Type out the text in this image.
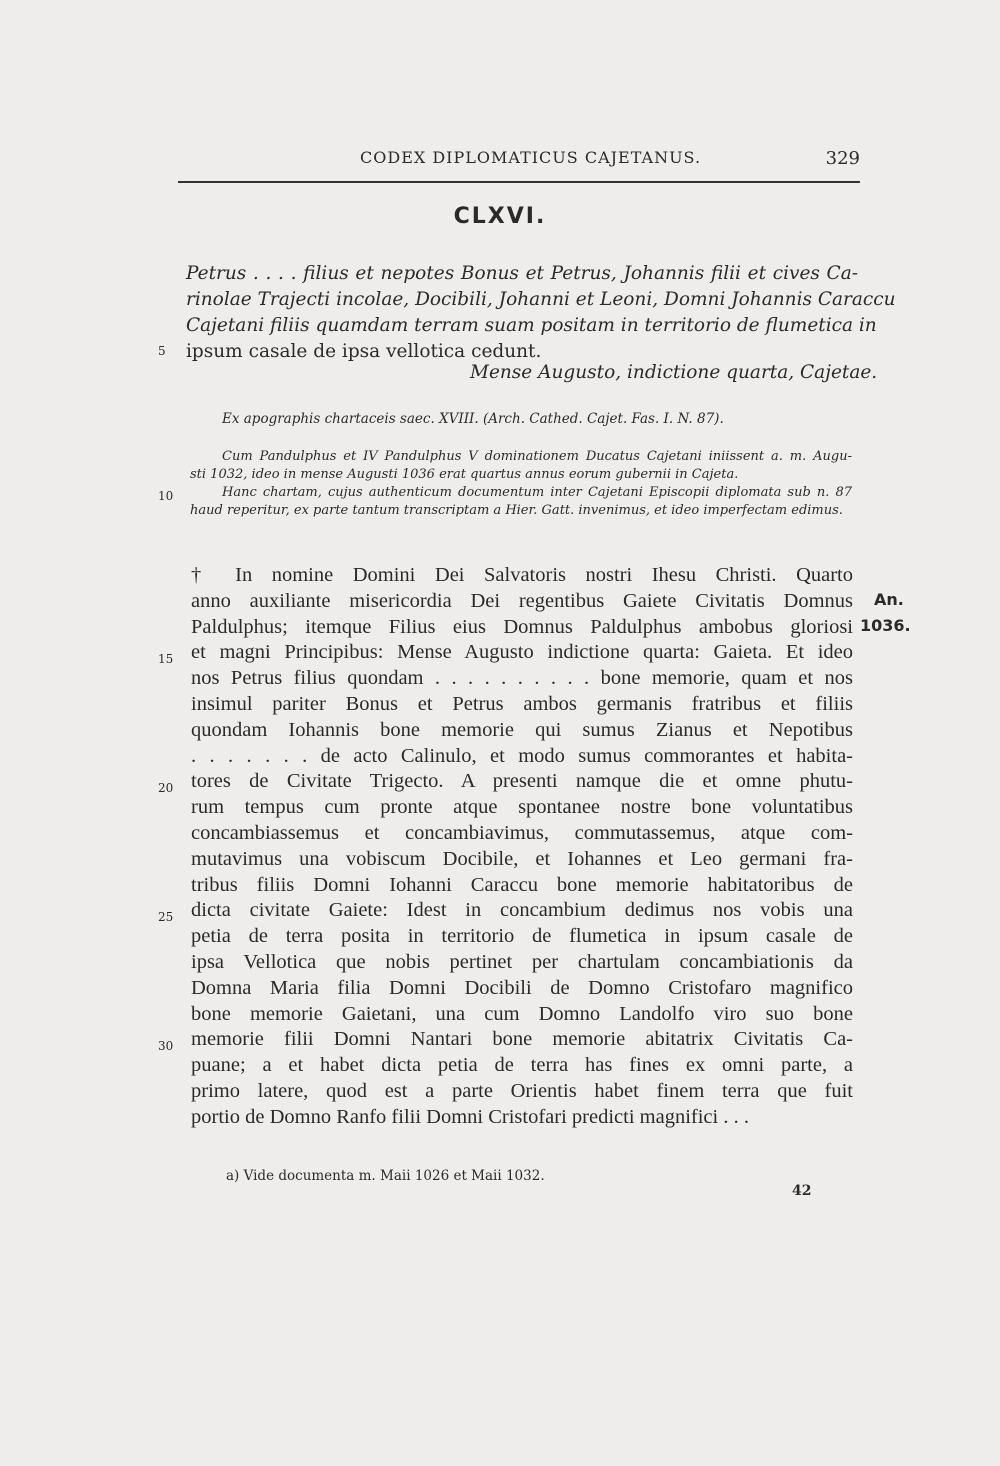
CODEX DIPLOMATICUS CAJETANUS.	329
CLXVI.
Petrus . . . . filius et nepotes Bonus et Petrus, Johannis filii et cives Ca-
rinolae Trajecti incolae, Docibili, Johanni et Leoni, Domni Johannis Caraccu
Cajetani filiis quamdam terram suam positam in territorio de flumetica in
ipsum casale de ipsa vellotica cedunt.
Mense Augusto, indictione quarta, Cajetae.
Ex apographis chartaceis saec. XVIII. (Arch. Cathed. Cajet. Fas. I. N. 87).
Cum Pandulphus et IV Pandulphus V dominationem Ducatus Cajetani iniissent a. m. Augu-
sti 1032, ideo in mense Augusti 1036 erat quartus annus eorum gubernii in Cajeta.
Hanc chartam, cujus authenticum documentum inter Cajetani Episcopii diplomata sub n. 87
haud reperitur, ex parte tantum transcriptam a Hier. Gatt. invenimus, et ideo imperfectam edimus.
† In nomine Domini Dei Salvatoris nostri Ihesu Christi. Quarto
anno auxiliante misericordia Dei regentibus Gaiete Civitatis Domnus
Paldulphus; itemque Filius eius Domnus Paldulphus ambobus gloriosi
et magni Principibus: Mense Augusto indictione quarta: Gaieta. Et ideo
nos Petrus filius quondam . . . . . . . . . . bone memorie, quam et nos
insimul pariter Bonus et Petrus ambos germanis fratribus et filiis
quondam Iohannis bone memorie qui sumus Zianus et Nepotibus
. . . . . . . de acto Calinulo, et modo sumus commorantes et habita-
tores de Civitate Trigecto. A presenti namque die et omne phutu-
rum tempus cum pronte atque spontanee nostre bone voluntatibus
concambiassemus et concambiavimus, commutassemus, atque com-
mutavimus una vobiscum Docibile, et Iohannes et Leo germani fra-
tribus filiis Domni Iohanni Caraccu bone memorie habitatoribus de
dicta civitate Gaiete: Idest in concambium dedimus nos vobis una
petia de terra posita in territorio de flumetica in ipsum casale de
ipsa Vellotica que nobis pertinet per chartulam concambiationis da
Domna Maria filia Domni Docibili de Domno Cristofaro magnifico
bone memorie Gaietani, una cum Domno Landolfo viro suo bone
memorie filii Domni Nantari bone memorie abitatrix Civitatis Ca-
puane; a et habet dicta petia de terra has fines ex omni parte, a
primo latere, quod est a parte Orientis habet finem terra que fuit
portio de Domno Ranfo filii Domni Cristofari predicti magnifici . . .
An.
1036.
5
10
15
20
25
30
a) Vide documenta m. Maii 1026 et Maii 1032.
42
